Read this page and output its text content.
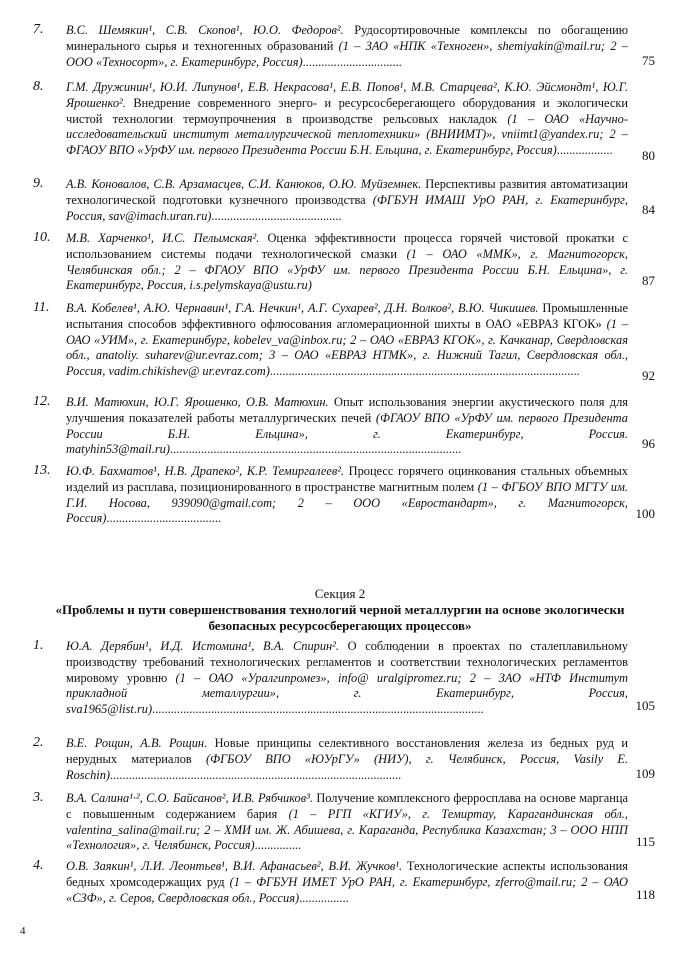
7. В.С. Шемякин¹, С.В. Скопов¹, Ю.О. Федоров². Рудосортировочные комплексы по обогащению минерального сырья и техногенных образований (1 – ЗАО «НПК «Техноген», shemiyakin@mail.ru; 2 – ООО «Техносорт», г. Екатеринбург, Россия)................................	75
8. Г.М. Дружинин¹, Ю.И. Липунов¹, Е.В. Некрасова¹, Е.В. Попов¹, М.В. Старцева², К.Ю. Эйсмондт¹, Ю.Г. Ярошенко². Внедрение современного энерго- и ресурсосберегающего оборудования и экологически чистой технологии термоупрочнения в производстве рельсовых накладок (1 – ОАО «Научно-исследовательский институт металлургической теплотехники» (ВНИИМТ)», vniimt1@yandex.ru; 2 – ФГАОУ ВПО «УрФУ им. первого Президента России Б.Н. Ельцина, г. Екатеринбург, Россия)..................	80
9. А.В. Коновалов, С.В. Арзамасцев, С.И. Канюков, О.Ю. Муйземнек. Перспективы развития автоматизации технологической подготовки кузнечного производства (ФГБУН ИМАШ УрО РАН, г. Екатеринбург, Россия, sav@imach.uran.ru)..........................................	84
10. М.В. Харченко¹, И.С. Пелымская². Оценка эффективности процесса горячей чистовой прокатки с использованием системы подачи технологической смазки (1 – ОАО «ММК», г. Магнитогорск, Челябинская обл.; 2 – ФГАОУ ВПО «УрФУ им. первого Президента России Б.Н. Ельцина», г. Екатеринбург, Россия, i.s.pelymskaya@ustu.ru)	87
11. В.А. Кобелев¹, А.Ю. Чернавин¹, Г.А. Нечкин¹, А.Г. Сухарев², Д.Н. Волков², В.Ю. Чикишев. Промышленные испытания способов эффективного офлюсования агломерационной шихты в ОАО «ЕВРАЗ КГОК» (1 – ОАО «УИМ», г. Екатеринбург, kobelev_va@inbox.ru; 2 – ОАО «ЕВРАЗ КГОК», г. Качканар, Свердловская обл., anatoliy. suharev@ur.evraz.com; 3 – ОАО «ЕВРАЗ НТМК», г. Нижний Тагил, Свердловская обл., Россия, vadim.chikishev@ ur.evraz.com)....................................................................................................	92
12. В.И. Матюхин, Ю.Г. Ярошенко, О.В. Матюхин. Опыт использования энергии акустического поля для улучшения показателей работы металлургических печей (ФГАОУ ВПО «УрФУ им. первого Президента России Б.Н. Ельцина», г. Екатеринбург, Россия. matyhin53@mail.ru)..............................................................................................	96
13. Ю.Ф. Бахматов¹, Н.В. Драпеко², К.Р. Темиргалеев². Процесс горячего оцинкования стальных объемных изделий из расплава, позиционированного в пространстве магнитным полем (1 – ФГБОУ ВПО МГТУ им. Г.И. Носова, 939090@gmail.com; 2 – ООО «Евростандарт», г. Магнитогорск, Россия).....................................	100
Секция 2
«Проблемы и пути совершенствования технологий черной металлургии на основе экологически безопасных ресурсосберегающих процессов»
1. Ю.А. Дерябин¹, И.Д. Истомина¹, В.А. Спирин². О соблюдении в проектах по сталеплавильному производству требований технологических регламентов и соответствии технологических регламентов мировому уровню (1 – ОАО «Уралгипромез», info@ uralgipromez.ru; 2 – ЗАО «НТФ Институт прикладной металлургии», г. Екатеринбург, Россия, sva1965@list.ru)...........................................................................................................	105
2. В.Е. Рощин, А.В. Рощин. Новые принципы селективного восстановления железа из бедных руд и нерудных материалов (ФГБОУ ВПО «ЮУрГУ» (НИУ), г. Челябинск, Россия, Vasily E. Roschin)..............................................................................................	109
3. В.А. Салина¹·², С.О. Байсанов², И.В. Рябчиков³. Получение комплексного ферросплава на основе марганца с повышенным содержанием бария (1 – РГП «КГИУ», г. Темиртау, Карагандинская обл., valentina_salina@mail.ru; 2 – ХМИ им. Ж. Абишева, г. Караганда, Республика Казахстан; 3 – ООО НПП «Технология», г. Челябинск, Россия)...............	115
4. О.В. Заякин¹, Л.И. Леонтьев¹, В.И. Афанасьев², В.И. Жучков¹. Технологические аспекты использования бедных хромсодержащих руд (1 – ФГБУН ИМЕТ УрО РАН, г. Екатеринбург, zferro@mail.ru; 2 – ОАО «СЗФ», г. Серов, Свердловская обл., Россия)................	118
4
